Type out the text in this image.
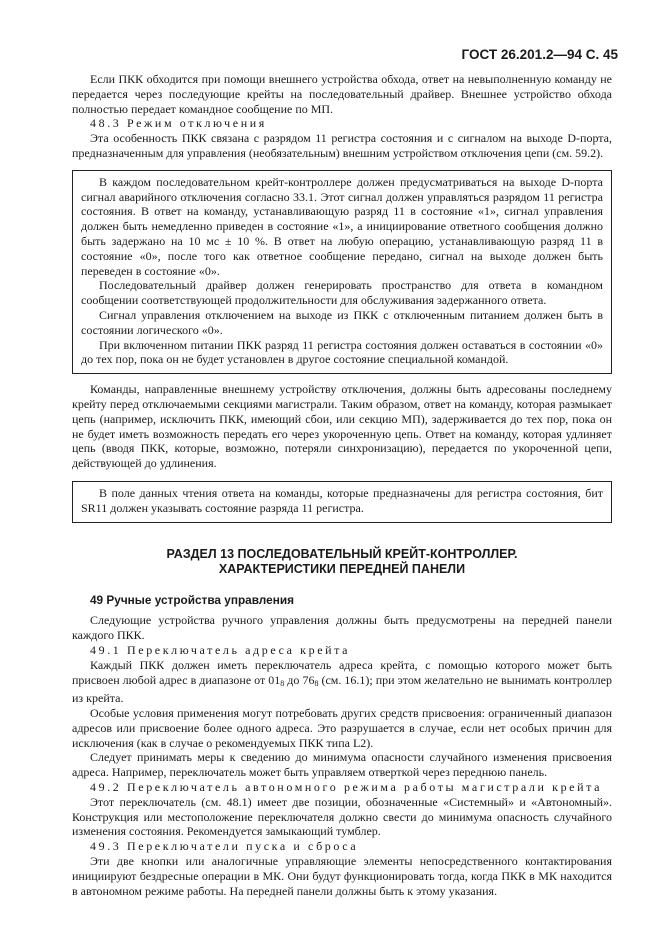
ГОСТ 26.201.2—94 С. 45

Если ПКК обходится при помощи внешнего устройства обхода, ответ на невыполненную команду не передается через последующие крейты на последовательный драйвер. Внешнее устройство обхода полностью передает командное сообщение по МП.

48.3 Режим отключения

Эта особенность ПКК связана с разрядом 11 регистра состояния и с сигналом на выходе D-порта, предназначенным для управления (необязательным) внешним устройством отключения цепи (см. 59.2).

В каждом последовательном крейт-контроллере должен предусматриваться на выходе D-порта сигнал аварийного отключения согласно 33.1. Этот сигнал должен управляться разрядом 11 регистра состояния. В ответ на команду, устанавливающую разряд 11 в состояние «1», сигнал управления должен быть немедленно приведен в состояние «1», а инициирование ответного сообщения должно быть задержано на 10 мс ± 10 %. В ответ на любую операцию, устанавливающую разряд 11 в состояние «0», после того как ответное сообщение передано, сигнал на выходе должен быть переведен в состояние «0».

Последовательный драйвер должен генерировать пространство для ответа в командном сообщении соответствующей продолжительности для обслуживания задержанного ответа.

Сигнал управления отключением на выходе из ПКК с отключенным питанием должен быть в состоянии логического «0».

При включенном питании ПКК разряд 11 регистра состояния должен оставаться в состоянии «0» до тех пор, пока он не будет установлен в другое состояние специальной командой.

Команды, направленные внешнему устройству отключения, должны быть адресованы последнему крейту перед отключаемыми секциями магистрали. Таким образом, ответ на команду, которая размыкает цепь (например, исключить ПКК, имеющий сбои, или секцию МП), задерживается до тех пор, пока он не будет иметь возможность передать его через укороченную цепь. Ответ на команду, которая удлиняет цепь (вводя ПКК, которые, возможно, потеряли синхронизацию), передается по укороченной цепи, действующей до удлинения.

В поле данных чтения ответа на команды, которые предназначены для регистра состояния, бит SR11 должен указывать состояние разряда 11 регистра.

РАЗДЕЛ 13 ПОСЛЕДОВАТЕЛЬНЫЙ КРЕЙТ-КОНТРОЛЛЕР.
ХАРАКТЕРИСТИКИ ПЕРЕДНЕЙ ПАНЕЛИ
49 Ручные устройства управления

Следующие устройства ручного управления должны быть предусмотрены на передней панели каждого ПКК.

49.1 Переключатель адреса крейта

Каждый ПКК должен иметь переключатель адреса крейта, с помощью которого может быть присвоен любой адрес в диапазоне от $01_8$ до $76_8$ (см. 16.1); при этом желательно не вынимать контроллер из крейта.

Особые условия применения могут потребовать других средств присвоения: ограниченный диапазон адресов или присвоение более одного адреса. Это разрушается в случае, если нет особых причин для исключения (как в случае о рекомендуемых ПКК типа L2).

Следует принимать меры к сведению до минимума опасности случайного изменения присвоения адреса. Например, переключатель может быть управляем отверткой через переднюю панель.

49.2 Переключатель автономного режима работы магистрали крейта

Этот переключатель (см. 48.1) имеет две позиции, обозначенные «Системный» и «Автономный». Конструкция или местоположение переключателя должно свести до минимума опасность случайного изменения состояния. Рекомендуется замыкающий тумблер.

49.3 Переключатели пуска и сброса

Эти две кнопки или аналогичные управляющие элементы непосредственного контактирования инициируют бездресные операции в МК. Они будут функционировать тогда, когда ПКК в МК находится в автономном режиме работы. На передней панели должны быть к этому указания.
